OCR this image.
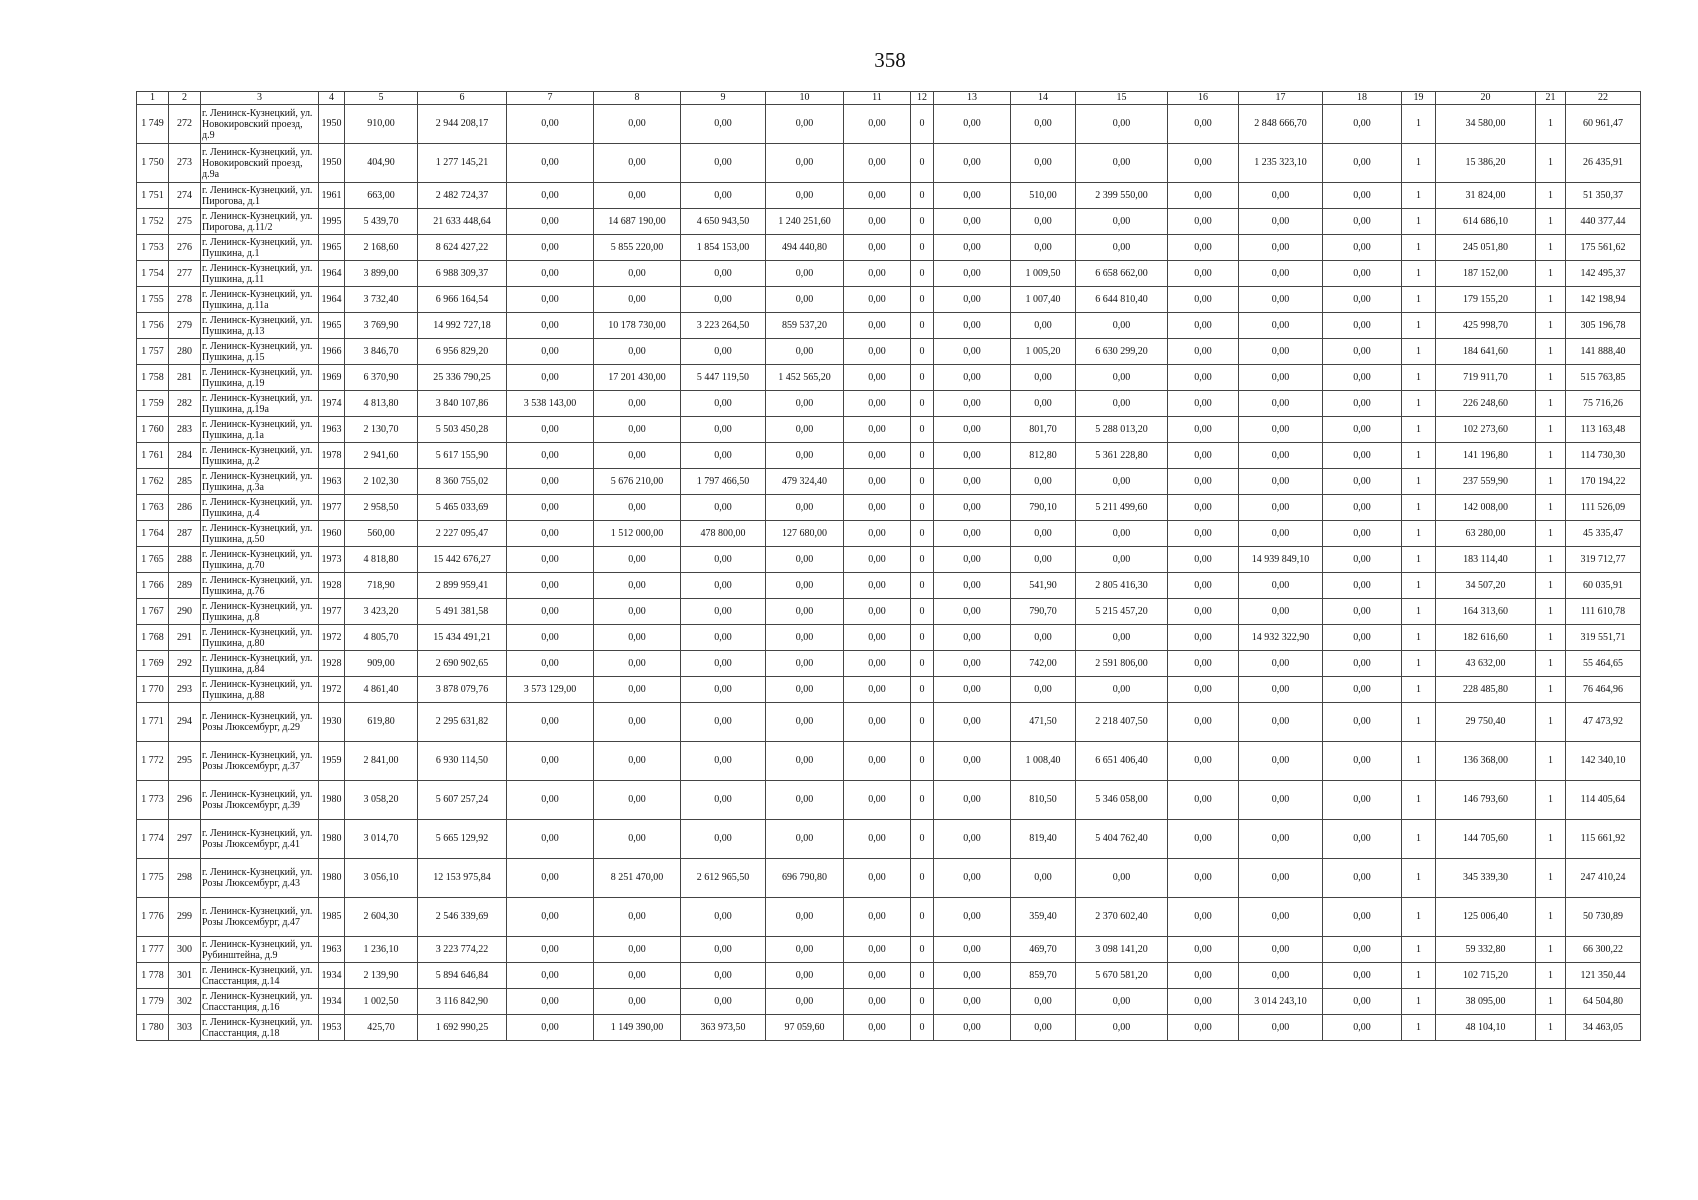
358
1	2	3	4	5	6	7	8	9	10	11	12	13	14	15	16	17	18	19	20	21	22
1 749	272	г. Ленинск-Кузнецкий, ул. Новокировский проезд, д.9	1950	910,00	2 944 208,17	0,00	0,00	0,00	0,00	0,00	0	0,00	0,00	0,00	0,00	2 848 666,70	0,00	1	34 580,00	1	60 961,47
1 750	273	г. Ленинск-Кузнецкий, ул. Новокировский проезд, д.9а	1950	404,90	1 277 145,21	0,00	0,00	0,00	0,00	0,00	0	0,00	0,00	0,00	0,00	1 235 323,10	0,00	1	15 386,20	1	26 435,91
1 751	274	г. Ленинск-Кузнецкий, ул. Пирогова, д.1	1961	663,00	2 482 724,37	0,00	0,00	0,00	0,00	0,00	0	0,00	510,00	2 399 550,00	0,00	0,00	0,00	1	31 824,00	1	51 350,37
1 752	275	г. Ленинск-Кузнецкий, ул. Пирогова, д.11/2	1995	5 439,70	21 633 448,64	0,00	14 687 190,00	4 650 943,50	1 240 251,60	0,00	0	0,00	0,00	0,00	0,00	0,00	0,00	1	614 686,10	1	440 377,44
1 753	276	г. Ленинск-Кузнецкий, ул. Пушкина, д.1	1965	2 168,60	8 624 427,22	0,00	5 855 220,00	1 854 153,00	494 440,80	0,00	0	0,00	0,00	0,00	0,00	0,00	0,00	1	245 051,80	1	175 561,62
1 754	277	г. Ленинск-Кузнецкий, ул. Пушкина, д.11	1964	3 899,00	6 988 309,37	0,00	0,00	0,00	0,00	0,00	0	0,00	1 009,50	6 658 662,00	0,00	0,00	0,00	1	187 152,00	1	142 495,37
1 755	278	г. Ленинск-Кузнецкий, ул. Пушкина, д.11а	1964	3 732,40	6 966 164,54	0,00	0,00	0,00	0,00	0,00	0	0,00	1 007,40	6 644 810,40	0,00	0,00	0,00	1	179 155,20	1	142 198,94
1 756	279	г. Ленинск-Кузнецкий, ул. Пушкина, д.13	1965	3 769,90	14 992 727,18	0,00	10 178 730,00	3 223 264,50	859 537,20	0,00	0	0,00	0,00	0,00	0,00	0,00	0,00	1	425 998,70	1	305 196,78
1 757	280	г. Ленинск-Кузнецкий, ул. Пушкина, д.15	1966	3 846,70	6 956 829,20	0,00	0,00	0,00	0,00	0,00	0	0,00	1 005,20	6 630 299,20	0,00	0,00	0,00	1	184 641,60	1	141 888,40
1 758	281	г. Ленинск-Кузнецкий, ул. Пушкина, д.19	1969	6 370,90	25 336 790,25	0,00	17 201 430,00	5 447 119,50	1 452 565,20	0,00	0	0,00	0,00	0,00	0,00	0,00	0,00	1	719 911,70	1	515 763,85
1 759	282	г. Ленинск-Кузнецкий, ул. Пушкина, д.19а	1974	4 813,80	3 840 107,86	3 538 143,00	0,00	0,00	0,00	0,00	0	0,00	0,00	0,00	0,00	0,00	0,00	1	226 248,60	1	75 716,26
1 760	283	г. Ленинск-Кузнецкий, ул. Пушкина, д.1а	1963	2 130,70	5 503 450,28	0,00	0,00	0,00	0,00	0,00	0	0,00	801,70	5 288 013,20	0,00	0,00	0,00	1	102 273,60	1	113 163,48
1 761	284	г. Ленинск-Кузнецкий, ул. Пушкина, д.2	1978	2 941,60	5 617 155,90	0,00	0,00	0,00	0,00	0,00	0	0,00	812,80	5 361 228,80	0,00	0,00	0,00	1	141 196,80	1	114 730,30
1 762	285	г. Ленинск-Кузнецкий, ул. Пушкина, д.3а	1963	2 102,30	8 360 755,02	0,00	5 676 210,00	1 797 466,50	479 324,40	0,00	0	0,00	0,00	0,00	0,00	0,00	0,00	1	237 559,90	1	170 194,22
1 763	286	г. Ленинск-Кузнецкий, ул. Пушкина, д.4	1977	2 958,50	5 465 033,69	0,00	0,00	0,00	0,00	0,00	0	0,00	790,10	5 211 499,60	0,00	0,00	0,00	1	142 008,00	1	111 526,09
1 764	287	г. Ленинск-Кузнецкий, ул. Пушкина, д.50	1960	560,00	2 227 095,47	0,00	1 512 000,00	478 800,00	127 680,00	0,00	0	0,00	0,00	0,00	0,00	0,00	0,00	1	63 280,00	1	45 335,47
1 765	288	г. Ленинск-Кузнецкий, ул. Пушкина, д.70	1973	4 818,80	15 442 676,27	0,00	0,00	0,00	0,00	0,00	0	0,00	0,00	0,00	0,00	14 939 849,10	0,00	1	183 114,40	1	319 712,77
1 766	289	г. Ленинск-Кузнецкий, ул. Пушкина, д.76	1928	718,90	2 899 959,41	0,00	0,00	0,00	0,00	0,00	0	0,00	541,90	2 805 416,30	0,00	0,00	0,00	1	34 507,20	1	60 035,91
1 767	290	г. Ленинск-Кузнецкий, ул. Пушкина, д.8	1977	3 423,20	5 491 381,58	0,00	0,00	0,00	0,00	0,00	0	0,00	790,70	5 215 457,20	0,00	0,00	0,00	1	164 313,60	1	111 610,78
1 768	291	г. Ленинск-Кузнецкий, ул. Пушкина, д.80	1972	4 805,70	15 434 491,21	0,00	0,00	0,00	0,00	0,00	0	0,00	0,00	0,00	0,00	14 932 322,90	0,00	1	182 616,60	1	319 551,71
1 769	292	г. Ленинск-Кузнецкий, ул. Пушкина, д.84	1928	909,00	2 690 902,65	0,00	0,00	0,00	0,00	0,00	0	0,00	742,00	2 591 806,00	0,00	0,00	0,00	1	43 632,00	1	55 464,65
1 770	293	г. Ленинск-Кузнецкий, ул. Пушкина, д.88	1972	4 861,40	3 878 079,76	3 573 129,00	0,00	0,00	0,00	0,00	0	0,00	0,00	0,00	0,00	0,00	0,00	1	228 485,80	1	76 464,96
1 771	294	г. Ленинск-Кузнецкий, ул. Розы Люксембург, д.29	1930	619,80	2 295 631,82	0,00	0,00	0,00	0,00	0,00	0	0,00	471,50	2 218 407,50	0,00	0,00	0,00	1	29 750,40	1	47 473,92
1 772	295	г. Ленинск-Кузнецкий, ул. Розы Люксембург, д.37	1959	2 841,00	6 930 114,50	0,00	0,00	0,00	0,00	0,00	0	0,00	1 008,40	6 651 406,40	0,00	0,00	0,00	1	136 368,00	1	142 340,10
1 773	296	г. Ленинск-Кузнецкий, ул. Розы Люксембург, д.39	1980	3 058,20	5 607 257,24	0,00	0,00	0,00	0,00	0,00	0	0,00	810,50	5 346 058,00	0,00	0,00	0,00	1	146 793,60	1	114 405,64
1 774	297	г. Ленинск-Кузнецкий, ул. Розы Люксембург, д.41	1980	3 014,70	5 665 129,92	0,00	0,00	0,00	0,00	0,00	0	0,00	819,40	5 404 762,40	0,00	0,00	0,00	1	144 705,60	1	115 661,92
1 775	298	г. Ленинск-Кузнецкий, ул. Розы Люксембург, д.43	1980	3 056,10	12 153 975,84	0,00	8 251 470,00	2 612 965,50	696 790,80	0,00	0	0,00	0,00	0,00	0,00	0,00	0,00	1	345 339,30	1	247 410,24
1 776	299	г. Ленинск-Кузнецкий, ул. Розы Люксембург, д.47	1985	2 604,30	2 546 339,69	0,00	0,00	0,00	0,00	0,00	0	0,00	359,40	2 370 602,40	0,00	0,00	0,00	1	125 006,40	1	50 730,89
1 777	300	г. Ленинск-Кузнецкий, ул. Рубинштейна, д.9	1963	1 236,10	3 223 774,22	0,00	0,00	0,00	0,00	0,00	0	0,00	469,70	3 098 141,20	0,00	0,00	0,00	1	59 332,80	1	66 300,22
1 778	301	г. Ленинск-Кузнецкий, ул. Спасстанция, д.14	1934	2 139,90	5 894 646,84	0,00	0,00	0,00	0,00	0,00	0	0,00	859,70	5 670 581,20	0,00	0,00	0,00	1	102 715,20	1	121 350,44
1 779	302	г. Ленинск-Кузнецкий, ул. Спасстанция, д.16	1934	1 002,50	3 116 842,90	0,00	0,00	0,00	0,00	0,00	0	0,00	0,00	0,00	0,00	3 014 243,10	0,00	1	38 095,00	1	64 504,80
1 780	303	г. Ленинск-Кузнецкий, ул. Спасстанция, д.18	1953	425,70	1 692 990,25	0,00	1 149 390,00	363 973,50	97 059,60	0,00	0	0,00	0,00	0,00	0,00	0,00	0,00	1	48 104,10	1	34 463,05
